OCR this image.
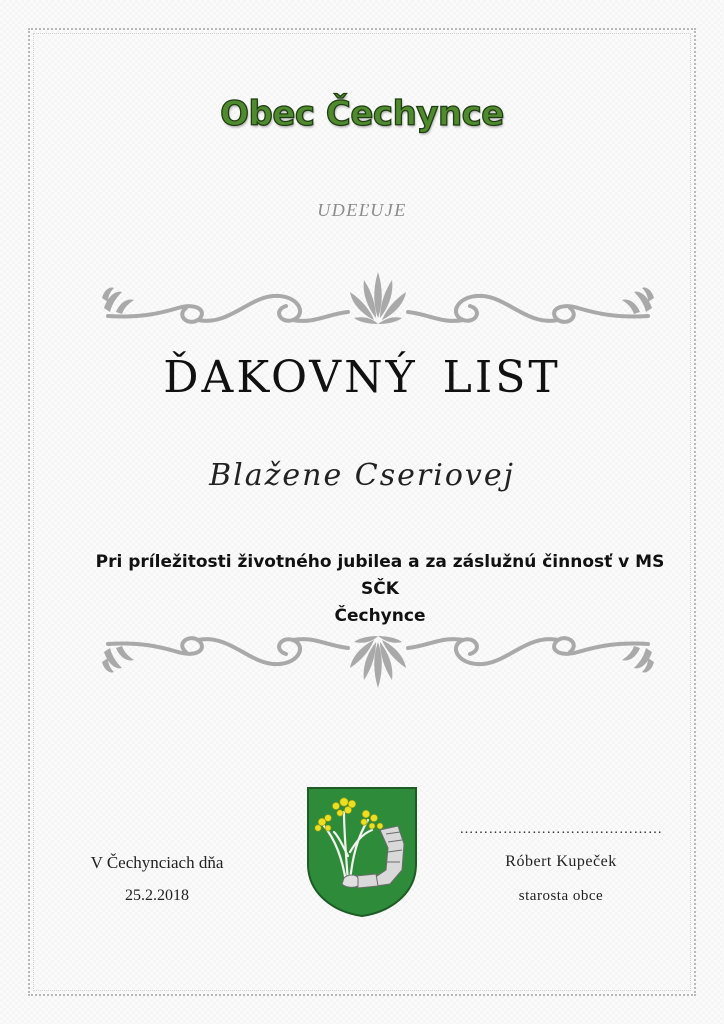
Obec Čechynce
UDEĽUJE
ĎAKOVNÝ LIST
Blažene Cseriovej
Pri príležitosti životného jubilea a za záslužnú činnosť v MS SČK
Čechynce
V Čechynciach dňa
25.2.2018
……………………………………
Róbert Kupeček
starosta obce
